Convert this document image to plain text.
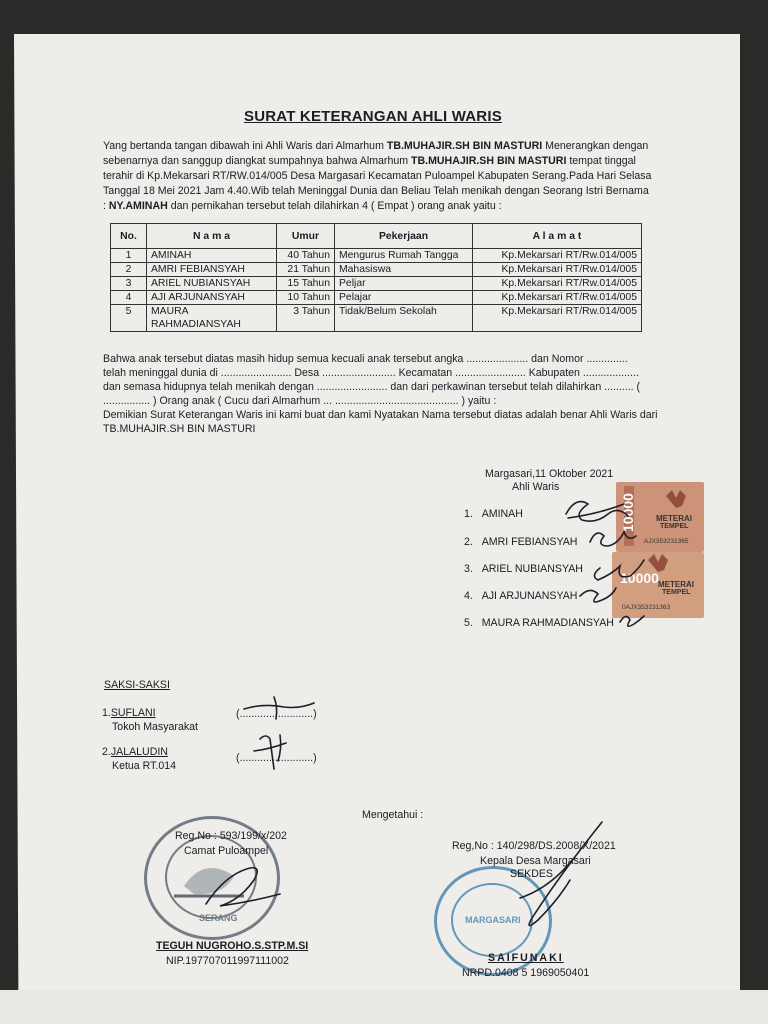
SURAT KETERANGAN AHLI WARIS
Yang bertanda tangan dibawah ini Ahli Waris dari Almarhum TB.MUHAJIR.SH BIN MASTURI Menerangkan dengan
sebenarnya dan sanggup diangkat sumpahnya bahwa Almarhum TB.MUHAJIR.SH BIN MASTURI tempat tinggal
terahir di Kp.Mekarsari RT/RW.014/005 Desa Margasari Kecamatan Puloampel Kabupaten Serang.Pada Hari Selasa
Tanggal 18 Mei 2021 Jam 4.40.Wib telah Meninggal Dunia dan Beliau Telah menikah dengan Seorang Istri Bernama
: NY.AMINAH dan pernikahan tersebut telah dilahirkan 4 ( Empat ) orang anak yaitu :
No.	N a m a	Umur	Pekerjaan	A l a m a t
1	AMINAH	40 Tahun	Mengurus Rumah Tangga	Kp.Mekarsari RT/Rw.014/005
2	AMRI FEBIANSYAH	21 Tahun	Mahasiswa	Kp.Mekarsari RT/Rw.014/005
3	ARIEL NUBIANSYAH	15 Tahun	Peljar	Kp.Mekarsari RT/Rw.014/005
4	AJI ARJUNANSYAH	10 Tahun	Pelajar	Kp.Mekarsari RT/Rw.014/005
5	MAURA RAHMADIANSYAH	3 Tahun	Tidak/Belum Sekolah	Kp.Mekarsari RT/Rw.014/005
Bahwa anak tersebut diatas masih hidup semua kecuali anak tersebut angka ..................... dan Nomor ..............
telah meninggal dunia di ........................ Desa ......................... Kecamatan ........................ Kabupaten ...................
dan semasa hidupnya telah menikah dengan ........................ dan dari perkawinan tersebut telah dilahirkan .......... (
................ ) Orang anak ( Cucu dari Almarhum ... .......................................... ) yaitu :
Demikian Surat Keterangan Waris ini kami buat dan kami Nyatakan Nama tersebut diatas adalah benar Ahli Waris dari
TB.MUHAJIR.SH BIN MASTURI
Margasari,11 Oktober 2021
Ahli Waris
METERAI
TEMPEL
10000
AJX353231365
METERAI
TEMPEL
10000
0AJX353231363
1. AMINAH
2. AMRI FEBIANSYAH
3. ARIEL NUBIANSYAH
4. AJI ARJUNANSYAH
5. MAURA RAHMADIANSYAH
SAKSI-SAKSI
1.SUFLANI
Tokoh Masyarakat
(.........................)
2.JALALUDIN
Ketua RT.014
(.........................)
Mengetahui :
SERANG
Reg.No : 593/199/x/202
Camat Puloampel
TEGUH NUGROHO.S.STP.M.SI
NIP.197707011997111002
MARGASARI
Reg,No : 140/298/DS.2008/X/2021
Kepala Desa Margasari
SEKDES
SAIFUNAKI
NRPD.0408 5 1969050401
